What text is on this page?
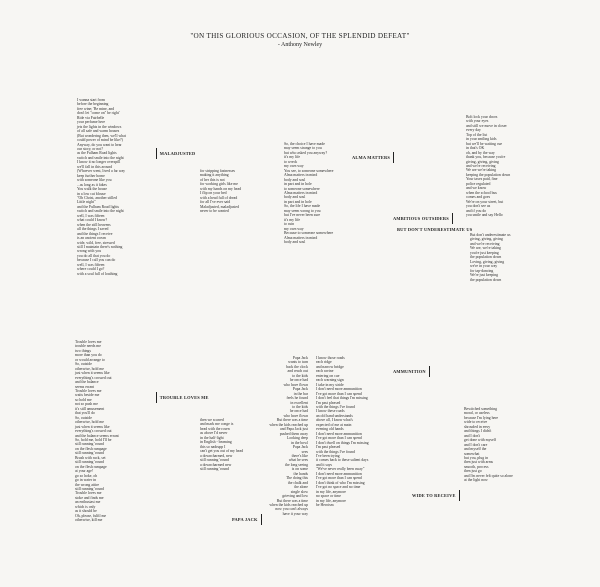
"ON THIS GLORIOUS OCCASION, OF THE SPLENDID DEFEAT"
- Anthony Newley
I wanna start from
before the beginning
free wine; 'Be mine, and
don't let "come on" be right'
Ride via Fairbelle
your perfume here
jets the lights in the windows
of all safe and warm houses
(But wondering then, we'll what
could power of mind be like?)
Anyway, do you want to hear
our story, or not?
as the Fulham Road lights
switch and smile into the night
I know it no longer overspill
we'll fall in this around
(Whoever went, lived a far way
keep further home
with someone like you
...as long as it fakes
You walk the house
in a low cut blouse
"Oh Christ, another stilled
Little night"
and the Fulham Road lights
switch and smile into the night
well, I was fifteen
what could I know?
when the still heavens
all the things I saved
and the things I receive
is an ancient ocean
wide, wild, free, stressed
still I maintain there's nothing
wrong with you
you do all that you do
because I call you can do
well, I was fifteen
where could I go?
with a soul full of loathing
MALADJUSTED
for stripping fastnesses
making it anything
of her this is not
for working girls like me
with my hands on my head
I flip on your bed
with a head full of dread
for all I've ever said
Maladjusted, maladjusted
never to be wanted
So, the choice I have made
may seem strange to you
but who asked you anyway?
it's my life
to wreck
my own way
You see, to someone somewhere
Alma matters in mind
body and soul
in part and in hole
to someone somewhere
Alma matters in mind
body and soul
in part and in hole
So, the life I have made
may seem wrong to you
but I've never been sure
it's my life
to ruin
my own way
Because to someone somewhere
Alma matters in mind
body and soul
ALMA MATTERS
Bolt lock your doors
with your eyes
and still we move in closer
every day
Top of the list
in your smiling kids
but we'll be waiting cue
in that's OK
oh, and by the way
thank you, because you're
giving, giving, giving
and we're receiving
We are we're taking
keeping the population down
Your taxes paid, fine
police regulated
and we know
when the school bus
comes and goes
We're on your street, but
you don't see us
and if you do
you smile and say Hello
AMBITIOUS OUTSIDERS
BUT DON'T UNDERESTIMATE US
But don't underestimate us
giving, giving, giving
and we're receiving
We are, we're taking
you're just keeping
the population down
Loving, giving, giving
we're in your way
for tap-dancing
We're just keeping
the population down
Trouble loves me
trouble needs me
two things
more than you do
or would arrange to
So, outside
otherwise, hold me
just when it seems like
everything's crossed out
and the balance
seems errant
Trouble loves me
waits beside me
so hold me
not so push me
it's still amusement
that you'll do
So, outside
otherwise, hold me
just when it seems like
everything's crossed out
and the balance seems errant
So, hold me, hold I'll be
still running 'round
on the flesh rampage
still running 'round
Brush with ruck, set
still running 'round
on the flesh rampage
at your age!
go so hoke, oh
go in water in
the wrong attire
still running 'round
Trouble loves me
stoke and finds me
an enthusiast me
which is only
as it should be
Oh, please, fulfil me
otherwise, kill me
TROUBLE LOVES ME
then we scarred
and mark me conge is
head with the rosen
as above I'd never
in the half-light
in English - beaming
this so nadrupp I
can't get you out of my head
a downcharmed, new
still running 'round
a downcharmed new
still running 'round
Papa Jack
wants to turn
back the clock
and reach out
to the kids
he once had
who have flown
Papa Jack
in the bar
feels he found
in excellent
to the kids
he once had
who have flown
But there was a time
when the kids reached up
and Papa Jack just
pushed them away
Looking deep
in the bowl
Papa Jack
sees
there's like
what he sees
the long seeing
is on some
the hands
The doing this
the chalk and
the alone
single slow
grieving and low
But there was a time
when the kids reached up
now you can't always
have it your way
PAPA JACK
I know those roads
each ridge
and narrow bridge
each ravine
entering on cue
each warning sign
I take in my stride
I don't need more ammunition
I've got more than I can spend
I don't feel that things I'm missing
I'm past pleased
with the things I've found
I know these roads
an old hand understands
above all, I know what's
expected of me at main
evening old hands
I don't need more ammunition
I've got more than I can spend
I don't dwell on things I'm missing
I'm past pleased
with the things I've found
I've been trying
it comes back to these salient days
and it says
"We've never really been away"
I don't need more ammunition
I've got more than I can spend
I don't think of who I'm missing
I've got no space and no time
in my life, anymore
no space or time
in my life, anymore
be Heroism
AMMUNITION
Bewitched something
moral, or useless
because I'm lying here
wide to receive
shrouded in envy
and things I didn't
and I don't
get done with myself
and I don't care
and myself the
somewhat
but you, plug in
then just with arms
smooth, process
then just go
and I'm never felt quite so alone
at the light now
WIDE TO RECEIVE
